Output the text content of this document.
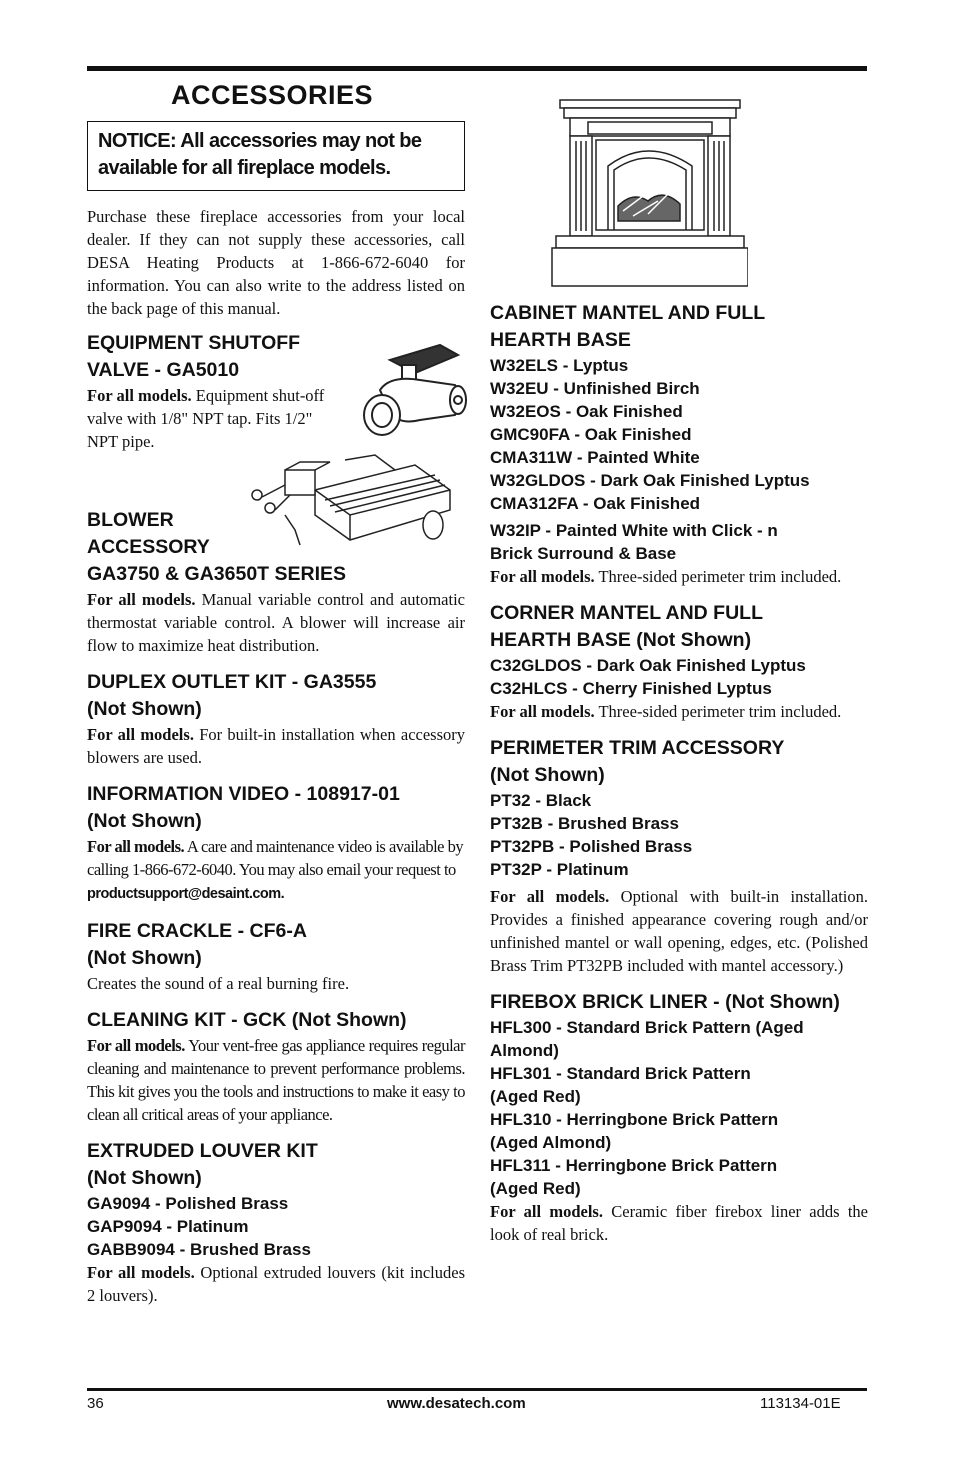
ACCESSORIES
NOTICE: All accessories may not be available for all fireplace models.

Purchase these fireplace accessories from your local dealer. If they can not supply these accessories, call DESA Heating Products at 1-866-672-6040 for information. You can also write to the address listed on the back page of this manual.

EQUIPMENT SHUTOFF
VALVE - GA5010

For all models. Equipment shut-off valve with 1/8" NPT tap. Fits 1/2" NPT pipe.

BLOWER
ACCESSORY
GA3750 & GA3650T SERIES

For all models. Manual variable control and automatic thermostat variable control. A blower will increase air flow to maximize heat distribution.

DUPLEX OUTLET KIT - GA3555
(Not Shown)

For all models. For built-in installation when accessory blowers are used.

INFORMATION VIDEO - 108917-01
(Not Shown)

For all models. A care and maintenance video is available by calling 1-866-672-6040. You may also email your request to productsupport@desaint.com.

FIRE CRACKLE - CF6-A
(Not Shown)

Creates the sound of a real burning fire.

CLEANING KIT - GCK (Not Shown)

For all models. Your vent-free gas appliance requires regular cleaning and maintenance to prevent performance problems. This kit gives you the tools and instructions to make it easy to clean all critical areas of your appliance.

EXTRUDED LOUVER KIT
(Not Shown)
GA9094 - Polished Brass
GAP9094 - Platinum
GABB9094 - Brushed Brass

For all models. Optional extruded louvers (kit includes 2 louvers).

CABINET MANTEL AND FULL
HEARTH BASE
W32ELS - Lyptus
W32EU - Unfinished Birch
W32EOS - Oak Finished
GMC90FA - Oak Finished
CMA311W - Painted White
W32GLDOS - Dark Oak Finished Lyptus
CMA312FA - Oak Finished
W32IP - Painted White with Click - n
Brick Surround & Base

For all models. Three-sided perimeter trim included.

CORNER MANTEL AND FULL
HEARTH BASE (Not Shown)
C32GLDOS - Dark Oak Finished Lyptus
C32HLCS - Cherry Finished Lyptus

For all models. Three-sided perimeter trim included.

PERIMETER TRIM ACCESSORY
(Not Shown)
PT32 - Black
PT32B - Brushed Brass
PT32PB - Polished Brass
PT32P - Platinum

For all models. Optional with built-in installation. Provides a finished appearance covering rough and/or unfinished mantel or wall opening, edges, etc. (Polished Brass Trim PT32PB included with mantel accessory.)

FIREBOX BRICK LINER - (Not Shown)
HFL300 - Standard Brick Pattern (Aged
Almond)
HFL301 - Standard Brick Pattern
(Aged Red)
HFL310 - Herringbone Brick Pattern
(Aged Almond)
HFL311 - Herringbone Brick Pattern
(Aged Red)

For all models. Ceramic fiber firebox liner adds the look of real brick.

36	www.desatech.com	113134-01E
